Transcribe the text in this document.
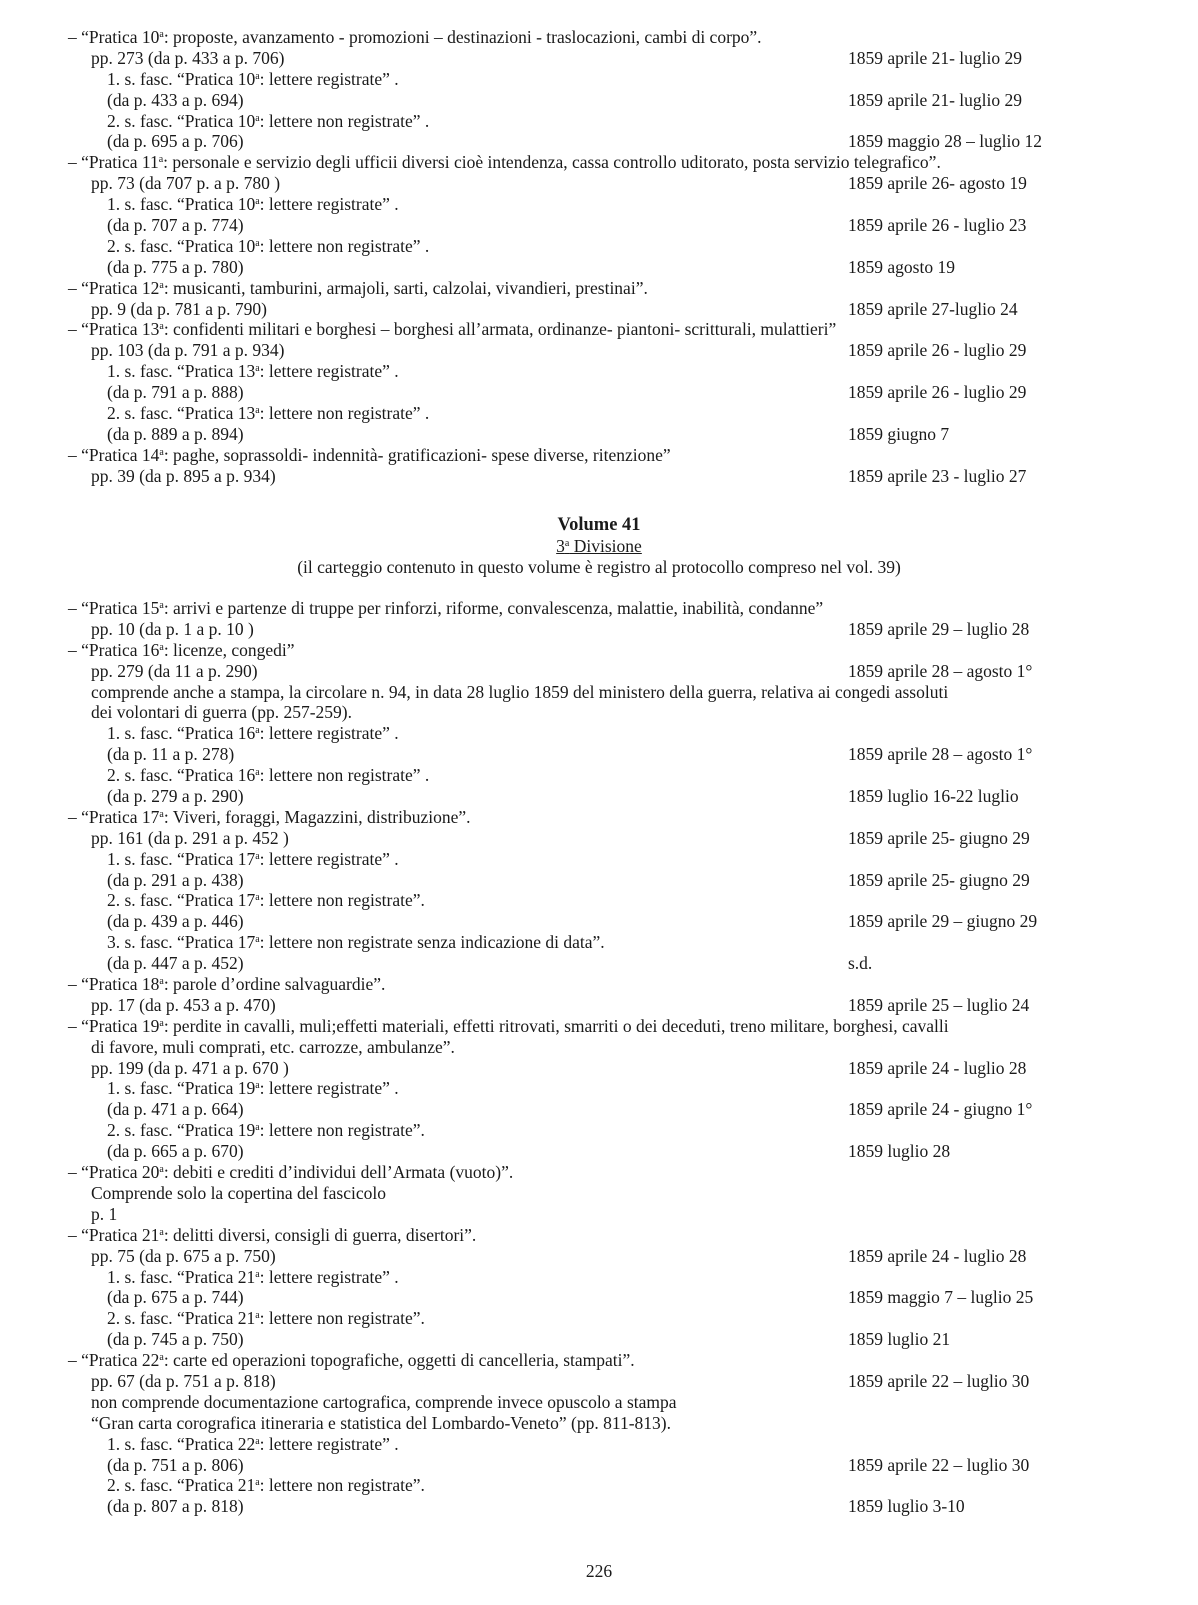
– “Pratica 10$^a$: proposte, avanzamento - promozioni – destinazioni - traslocazioni, cambi di corpo”.
pp. 273 (da p. 433 a p. 706)	1859 aprile 21- luglio 29
1. s. fasc. “Pratica 10$^a$: lettere registrate” .
(da p. 433 a p. 694)	1859 aprile 21- luglio 29
2. s. fasc. “Pratica 10$^a$: lettere non registrate” .
(da p. 695 a p. 706)	1859 maggio 28 – luglio 12
– “Pratica 11$^a$: personale e servizio degli ufficii diversi cioè intendenza, cassa controllo uditorato, posta servizio telegrafico”.
pp. 73 (da 707 p. a p. 780 )	1859 aprile 26- agosto 19
1. s. fasc. “Pratica 10$^a$: lettere registrate” .
(da p. 707 a p. 774)	1859 aprile 26 - luglio 23
2. s. fasc. “Pratica 10$^a$: lettere non registrate” .
(da p. 775 a p. 780)	1859 agosto 19
– “Pratica 12$^a$: musicanti, tamburini, armajoli, sarti, calzolai, vivandieri, prestinai”.
pp. 9 (da p. 781 a p. 790)	1859 aprile 27-luglio 24
– “Pratica 13$^a$: confidenti militari e borghesi – borghesi all’armata, ordinanze- piantoni- scritturali, mulattieri”
pp. 103 (da p. 791 a p. 934)	1859 aprile 26 - luglio 29
1. s. fasc. “Pratica 13$^a$: lettere registrate” .
(da p. 791 a p. 888)	1859 aprile 26 - luglio 29
2. s. fasc. “Pratica 13$^a$: lettere non registrate” .
(da p. 889 a p. 894)	1859 giugno 7
– “Pratica 14$^a$: paghe, soprassoldi- indennità- gratificazioni- spese diverse, ritenzione”
pp. 39 (da p. 895 a p. 934)	1859 aprile 23 - luglio 27
Volume 41
3$^a$ Divisione
(il carteggio contenuto in questo volume è registro al protocollo compreso nel vol. 39)
– “Pratica 15$^a$: arrivi e partenze di truppe per rinforzi, riforme, convalescenza, malattie, inabilità, condanne”
pp. 10 (da p. 1 a p. 10 )	1859 aprile 29 – luglio 28
– “Pratica 16$^a$: licenze, congedi”
pp. 279 (da 11 a p. 290)	1859 aprile 28 – agosto 1°
comprende anche a stampa, la circolare n. 94, in data 28 luglio 1859 del ministero della guerra, relativa ai congedi assoluti
dei volontari di guerra (pp. 257-259).
1. s. fasc. “Pratica 16$^a$: lettere registrate” .
(da p. 11 a p. 278)	1859 aprile 28 – agosto 1°
2. s. fasc. “Pratica 16$^a$: lettere non registrate” .
(da p. 279 a p. 290)	1859 luglio 16-22 luglio
– “Pratica 17$^a$: Viveri, foraggi, Magazzini, distribuzione”.
pp. 161 (da p. 291 a p. 452 )	1859 aprile 25- giugno 29
1. s. fasc. “Pratica 17$^a$: lettere registrate” .
(da p. 291 a p. 438)	1859 aprile 25- giugno 29
2. s. fasc. “Pratica 17$^a$: lettere non registrate”.
(da p. 439 a p. 446)	1859 aprile 29 – giugno 29
3. s. fasc. “Pratica 17$^a$: lettere non registrate senza indicazione di data”.
(da p. 447 a p. 452)	s.d.
– “Pratica 18$^a$: parole d’ordine salvaguardie”.
pp. 17 (da p. 453 a p. 470)	1859 aprile 25 – luglio 24
– “Pratica 19$^a$: perdite in cavalli, muli;effetti materiali, effetti ritrovati, smarriti o dei deceduti, treno militare, borghesi, cavalli
di favore, muli comprati, etc. carrozze, ambulanze”.
pp. 199 (da p. 471 a p. 670 )	1859 aprile 24 - luglio 28
1. s. fasc. “Pratica 19$^a$: lettere registrate” .
(da p. 471 a p. 664)	1859 aprile 24 - giugno 1°
2. s. fasc. “Pratica 19$^a$: lettere non registrate”.
(da p. 665 a p. 670)	1859 luglio 28
– “Pratica 20$^a$: debiti e crediti d’individui dell’Armata (vuoto)”.
Comprende solo la copertina del fascicolo
p. 1
– “Pratica 21$^a$: delitti diversi, consigli di guerra, disertori”.
pp. 75 (da p. 675 a p. 750)	1859 aprile 24 - luglio 28
1. s. fasc. “Pratica 21$^a$: lettere registrate” .
(da p. 675 a p. 744)	1859 maggio 7 – luglio 25
2. s. fasc. “Pratica 21$^a$: lettere non registrate”.
(da p. 745 a p. 750)	1859 luglio 21
– “Pratica 22$^a$: carte ed operazioni topografiche, oggetti di cancelleria, stampati”.
pp. 67 (da p. 751 a p. 818)	1859 aprile 22 – luglio 30
non comprende documentazione cartografica, comprende invece opuscolo a stampa
“Gran carta corografica itineraria e statistica del Lombardo-Veneto” (pp. 811-813).
1. s. fasc. “Pratica 22$^a$: lettere registrate” .
(da p. 751 a p. 806)	1859 aprile 22 – luglio 30
2. s. fasc. “Pratica 21$^a$: lettere non registrate”.
(da p. 807 a p. 818)	1859 luglio 3-10
226
